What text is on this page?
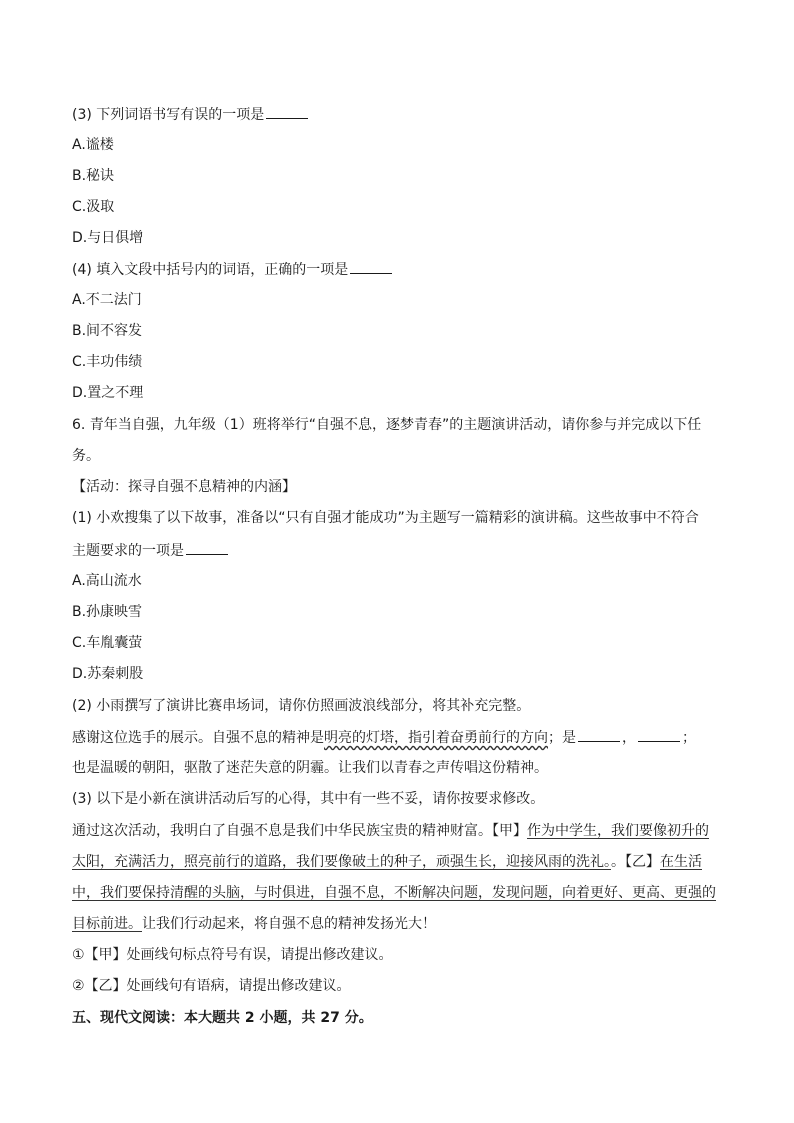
(3) 下列词语书写有误的一项是
A.谧楼
B.秘诀
C.汲取
D.与日俱增
(4) 填入文段中括号内的词语，正确的一项是
A.不二法门
B.间不容发
C.丰功伟绩
D.置之不理
6. 青年当自强，九年级（1）班将举行“自强不息，逐梦青春”的主题演讲活动，请你参与并完成以下任
务。
【活动：探寻自强不息精神的内涵】
(1) 小欢搜集了以下故事，准备以“只有自强才能成功”为主题写一篇精彩的演讲稿。这些故事中不符合
主题要求的一项是
A.高山流水
B.孙康映雪
C.车胤囊萤
D.苏秦刺股
(2) 小雨撰写了演讲比赛串场词，请你仿照画波浪线部分，将其补充完整。
感谢这位选手的展示。自强不息的精神是明亮的灯塔，指引着奋勇前行的方向；是	，	；
也是温暖的朝阳，驱散了迷茫失意的阴霾。让我们以青春之声传唱这份精神。
(3) 以下是小新在演讲活动后写的心得，其中有一些不妥，请你按要求修改。
通过这次活动，我明白了自强不息是我们中华民族宝贵的精神财富。【甲】作为中学生，我们要像初升的
太阳，充满活力，照亮前行的道路，我们要像破土的种子，顽强生长，迎接风雨的洗礼。。【乙】在生活
中，我们要保持清醒的头脑，与时俱进，自强不息，不断解决问题，发现问题，向着更好、更高、更强的
目标前进。让我们行动起来，将自强不息的精神发扬光大！
①【甲】处画线句标点符号有误，请提出修改建议。
②【乙】处画线句有语病，请提出修改建议。
五、现代文阅读：本大题共 2 小题，共 27 分。
